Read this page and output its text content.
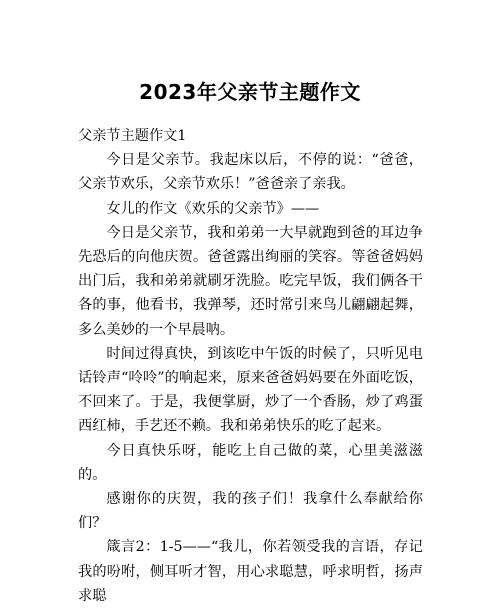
2023年父亲节主题作文

父亲节主题作文1

今日是父亲节。我起床以后，不停的说：“爸爸，父亲节欢乐，父亲节欢乐！”爸爸亲了亲我。

女儿的作文《欢乐的父亲节》——

今日是父亲节，我和弟弟一大早就跑到爸的耳边争先恐后的向他庆贺。爸爸露出绚丽的笑容。等爸爸妈妈出门后，我和弟弟就刷牙洗脸。吃完早饭，我们俩各干各的事，他看书，我弹琴，还时常引来鸟儿翩翩起舞，多么美妙的一个早晨呐。

时间过得真快，到该吃中午饭的时候了，只听见电话铃声“呤呤”的响起来，原来爸爸妈妈要在外面吃饭，不回来了。于是，我便掌厨，炒了一个香肠，炒了鸡蛋西红柿，手艺还不赖。我和弟弟快乐的吃了起来。

今日真快乐呀，能吃上自己做的菜，心里美滋滋的。

感谢你的庆贺，我的孩子们！我拿什么奉献给你们？

箴言2：1-5——“我儿，你若领受我的言语，存记我的吩咐，侧耳听才智，用心求聪慧，呼求明哲，扬声求聪
